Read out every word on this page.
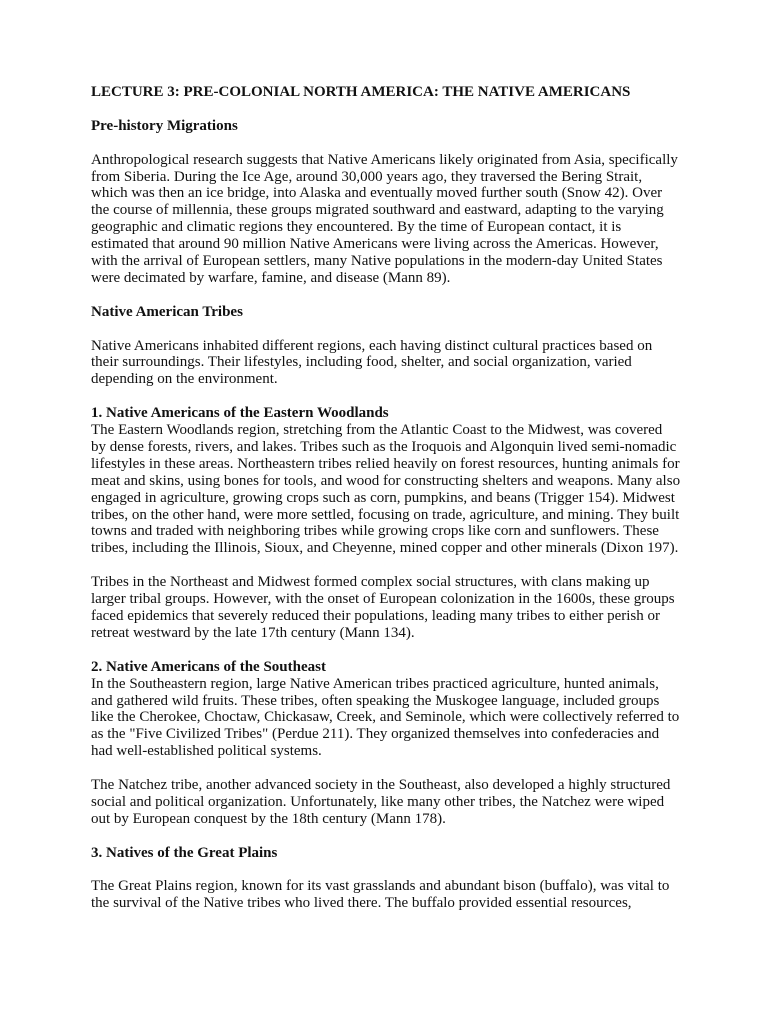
LECTURE 3: PRE-COLONIAL NORTH AMERICA: THE NATIVE AMERICANS

Pre-history Migrations

Anthropological research suggests that Native Americans likely originated from Asia, specifically from Siberia. During the Ice Age, around 30,000 years ago, they traversed the Bering Strait, which was then an ice bridge, into Alaska and eventually moved further south (Snow 42). Over the course of millennia, these groups migrated southward and eastward, adapting to the varying geographic and climatic regions they encountered. By the time of European contact, it is estimated that around 90 million Native Americans were living across the Americas. However, with the arrival of European settlers, many Native populations in the modern-day United States were decimated by warfare, famine, and disease (Mann 89).

Native American Tribes

Native Americans inhabited different regions, each having distinct cultural practices based on their surroundings. Their lifestyles, including food, shelter, and social organization, varied depending on the environment.

1. Native Americans of the Eastern Woodlands

The Eastern Woodlands region, stretching from the Atlantic Coast to the Midwest, was covered by dense forests, rivers, and lakes. Tribes such as the Iroquois and Algonquin lived semi-nomadic lifestyles in these areas. Northeastern tribes relied heavily on forest resources, hunting animals for meat and skins, using bones for tools, and wood for constructing shelters and weapons. Many also engaged in agriculture, growing crops such as corn, pumpkins, and beans (Trigger 154). Midwest tribes, on the other hand, were more settled, focusing on trade, agriculture, and mining. They built towns and traded with neighboring tribes while growing crops like corn and sunflowers. These tribes, including the Illinois, Sioux, and Cheyenne, mined copper and other minerals (Dixon 197).

Tribes in the Northeast and Midwest formed complex social structures, with clans making up larger tribal groups. However, with the onset of European colonization in the 1600s, these groups faced epidemics that severely reduced their populations, leading many tribes to either perish or retreat westward by the late 17th century (Mann 134).

2. Native Americans of the Southeast

In the Southeastern region, large Native American tribes practiced agriculture, hunted animals, and gathered wild fruits. These tribes, often speaking the Muskogee language, included groups like the Cherokee, Choctaw, Chickasaw, Creek, and Seminole, which were collectively referred to as the "Five Civilized Tribes" (Perdue 211). They organized themselves into confederacies and had well-established political systems.

The Natchez tribe, another advanced society in the Southeast, also developed a highly structured social and political organization. Unfortunately, like many other tribes, the Natchez were wiped out by European conquest by the 18th century (Mann 178).

3. Natives of the Great Plains

The Great Plains region, known for its vast grasslands and abundant bison (buffalo), was vital to the survival of the Native tribes who lived there. The buffalo provided essential resources,
